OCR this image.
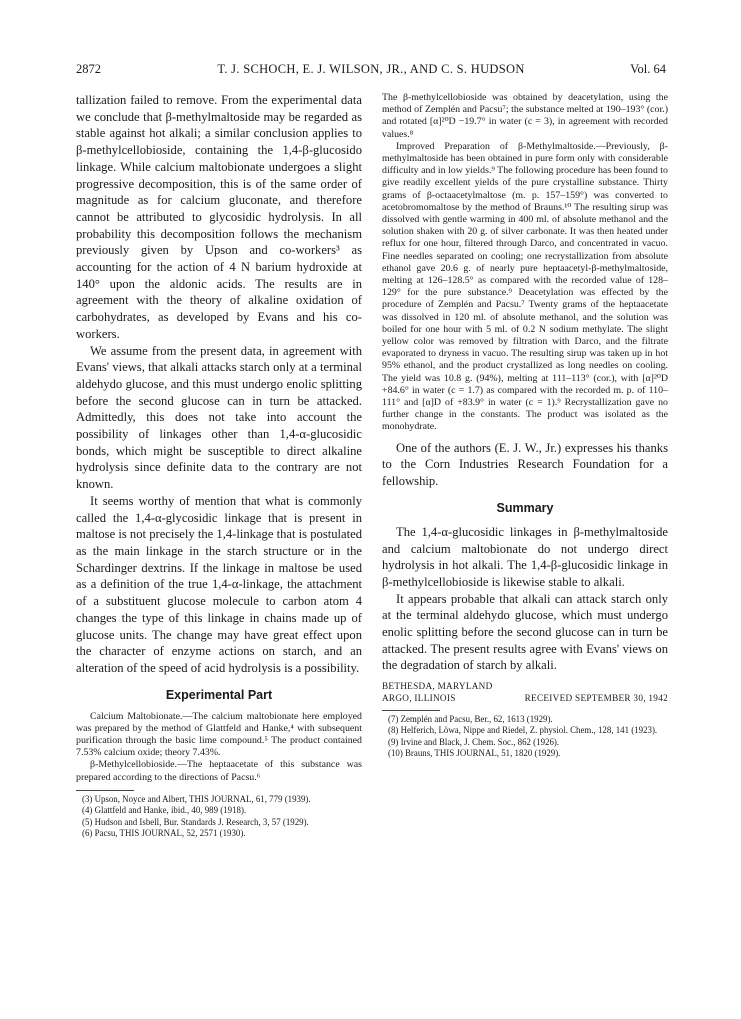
2872	T. J. SCHOCH, E. J. WILSON, JR., AND C. S. HUDSON	Vol. 64

tallization failed to remove. From the experimental data we conclude that β-methylmaltoside may be regarded as stable against hot alkali; a similar conclusion applies to β-methylcellobioside, containing the 1,4-β-glucosido linkage. While calcium maltobionate undergoes a slight progressive decomposition, this is of the same order of magnitude as for calcium gluconate, and therefore cannot be attributed to glycosidic hydrolysis. In all probability this decomposition follows the mechanism previously given by Upson and co-workers³ as accounting for the action of 4 N barium hydroxide at 140° upon the aldonic acids. The results are in agreement with the theory of alkaline oxidation of carbohydrates, as developed by Evans and his co-workers.

We assume from the present data, in agreement with Evans' views, that alkali attacks starch only at a terminal aldehydo glucose, and this must undergo enolic splitting before the second glucose can in turn be attacked. Admittedly, this does not take into account the possibility of linkages other than 1,4-α-glucosidic bonds, which might be susceptible to direct alkaline hydrolysis since definite data to the contrary are not known.

It seems worthy of mention that what is commonly called the 1,4-α-glycosidic linkage that is present in maltose is not precisely the 1,4-linkage that is postulated as the main linkage in the starch structure or in the Schardinger dextrins. If the linkage in maltose be used as a definition of the true 1,4-α-linkage, the attachment of a substituent glucose molecule to carbon atom 4 changes the type of this linkage in chains made up of glucose units. The change may have great effect upon the character of enzyme actions on starch, and an alteration of the speed of acid hydrolysis is a possibility.

Experimental Part

Calcium Maltobionate.—The calcium maltobionate here employed was prepared by the method of Glattfeld and Hanke,⁴ with subsequent purification through the basic lime compound.⁵ The product contained 7.53% calcium oxide; theory 7.43%.

β-Methylcellobioside.—The heptaacetate of this substance was prepared according to the directions of Pacsu.⁶

(3) Upson, Noyce and Albert, THIS JOURNAL, 61, 779 (1939).
(4) Glattfeld and Hanke, ibid., 40, 989 (1918).
(5) Hudson and Isbell, Bur. Standards J. Research, 3, 57 (1929).
(6) Pacsu, THIS JOURNAL, 52, 2571 (1930).

The β-methylcellobioside was obtained by deacetylation, using the method of Zemplén and Pacsu⁷; the substance melted at 190–193° (cor.) and rotated [α]²⁰D −19.7° in water (c = 3), in agreement with recorded values.⁸

Improved Preparation of β-Methylmaltoside.—Previously, β-methylmaltoside has been obtained in pure form only with considerable difficulty and in low yields.⁹ The following procedure has been found to give readily excellent yields of the pure crystalline substance. Thirty grams of β-octaacetylmaltose (m. p. 157–159°) was converted to acetobromomaltose by the method of Brauns.¹⁰ The resulting sirup was dissolved with gentle warming in 400 ml. of absolute methanol and the solution shaken with 20 g. of silver carbonate. It was then heated under reflux for one hour, filtered through Darco, and concentrated in vacuo. Fine needles separated on cooling; one recrystallization from absolute ethanol gave 20.6 g. of nearly pure heptaacetyl-β-methylmaltoside, melting at 126–128.5° as compared with the recorded value of 128–129° for the pure substance.⁹ Deacetylation was effected by the procedure of Zemplén and Pacsu.⁷ Twenty grams of the heptaacetate was dissolved in 120 ml. of absolute methanol, and the solution was boiled for one hour with 5 ml. of 0.2 N sodium methylate. The slight yellow color was removed by filtration with Darco, and the filtrate evaporated to dryness in vacuo. The resulting sirup was taken up in hot 95% ethanol, and the product crystallized as long needles on cooling. The yield was 10.8 g. (94%), melting at 111–113° (cor.), with [α]²⁰D +84.6° in water (c = 1.7) as compared with the recorded m. p. of 110–111° and [α]D of +83.9° in water (c = 1).⁹ Recrystallization gave no further change in the constants. The product was isolated as the monohydrate.

One of the authors (E. J. W., Jr.) expresses his thanks to the Corn Industries Research Foundation for a fellowship.

Summary

The 1,4-α-glucosidic linkages in β-methylmaltoside and calcium maltobionate do not undergo direct hydrolysis in hot alkali. The 1,4-β-glucosidic linkage in β-methylcellobioside is likewise stable to alkali.

It appears probable that alkali can attack starch only at the terminal aldehydo glucose, which must undergo enolic splitting before the second glucose can in turn be attacked. The present results agree with Evans' views on the degradation of starch by alkali.

BETHESDA, MARYLAND
ARGO, ILLINOIS	RECEIVED SEPTEMBER 30, 1942
(7) Zemplén and Pacsu, Ber., 62, 1613 (1929).
(8) Helferich, Löwa, Nippe and Riedel, Z. physiol. Chem., 128, 141 (1923).
(9) Irvine and Black, J. Chem. Soc., 862 (1926).
(10) Brauns, THIS JOURNAL, 51, 1820 (1929).
